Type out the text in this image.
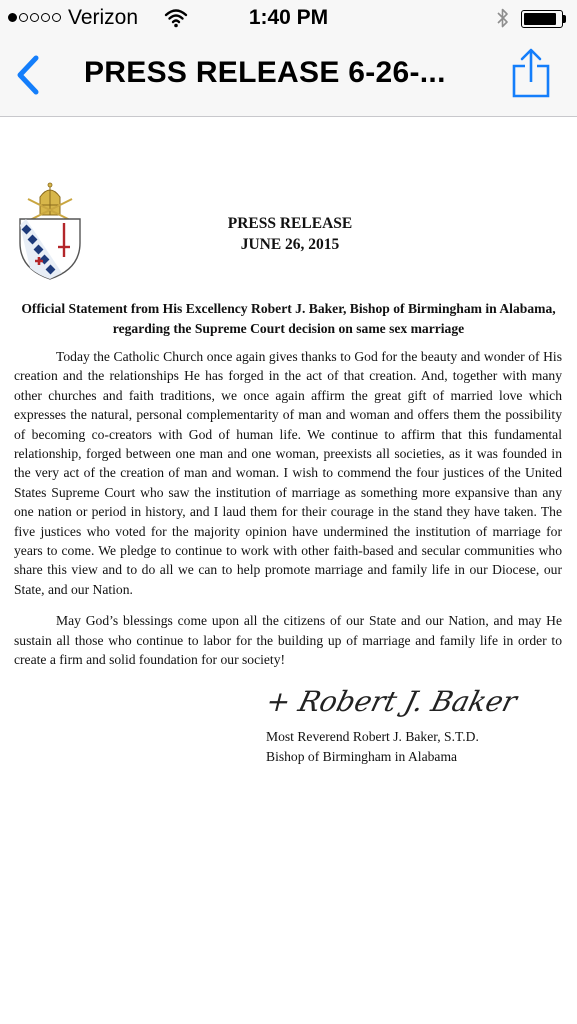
Verizon	1:40 PM
PRESS RELEASE 6-26-...
PRESS RELEASE
JUNE 26, 2015
Official Statement from His Excellency Robert J. Baker, Bishop of Birmingham in Alabama, regarding the Supreme Court decision on same sex marriage

Today the Catholic Church once again gives thanks to God for the beauty and wonder of His creation and the relationships He has forged in the act of that creation. And, together with many other churches and faith traditions, we once again affirm the great gift of married love which expresses the natural, personal complementarity of man and woman and offers them the possibility of becoming co-creators with God of human life. We continue to affirm that this fundamental relationship, forged between one man and one woman, preexists all societies, as it was founded in the very act of the creation of man and woman. I wish to commend the four justices of the United States Supreme Court who saw the institution of marriage as something more expansive than any one nation or period in history, and I laud them for their courage in the stand they have taken. The five justices who voted for the majority opinion have undermined the institution of marriage for years to come. We pledge to continue to work with other faith-based and secular communities who share this view and to do all we can to help promote marriage and family life in our Diocese, our State, and our Nation.

May God’s blessings come upon all the citizens of our State and our Nation, and may He sustain all those who continue to labor for the building up of marriage and family life in order to create a firm and solid foundation for our society!

+ Robert J. Baker
Most Reverend Robert J. Baker, S.T.D.
Bishop of Birmingham in Alabama
